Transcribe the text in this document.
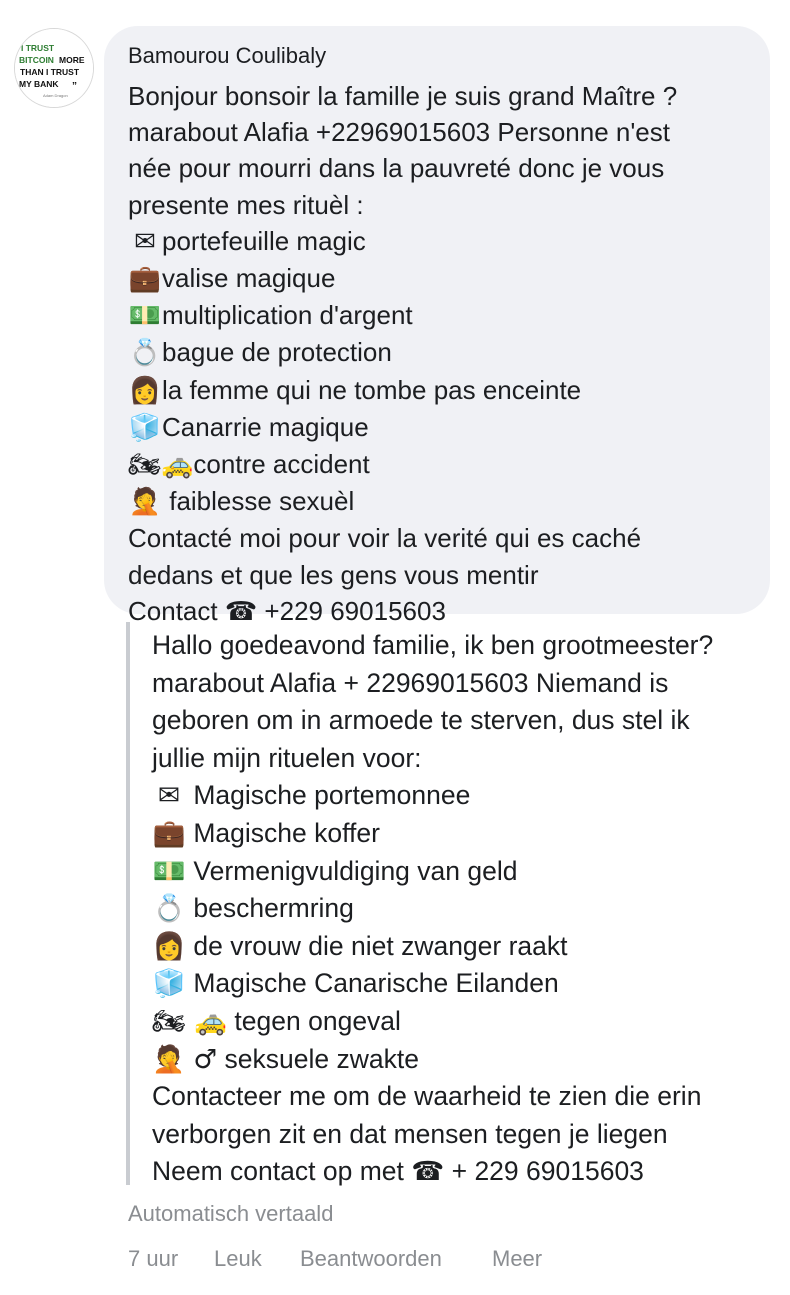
I TRUST
BITCOIN MORE
THAN I TRUST
MY BANK ”
Adam Dragon
Bamourou Coulibaly
Bonjour bonsoir la famille je suis grand Maître ?
marabout Alafia +22969015603 Personne n'est
née pour mourri dans la pauvreté donc je vous
presente mes rituèl :
✉ portefeuille magic
💼valise magique
💵multiplication d'argent
💍bague de protection
👩la femme qui ne tombe pas enceinte
🧊Canarrie magique
🏍🚕contre accident
🤦 faiblesse sexuèl
Contacté moi pour voir la verité qui es caché
dedans et que les gens vous mentir
Contact ☎ +229 69015603
Hallo goedeavond familie, ik ben grootmeester?
marabout Alafia + 22969015603 Niemand is
geboren om in armoede te sterven, dus stel ik
jullie mijn rituelen voor:
✉ Magische portemonnee
💼 Magische koffer
💵 Vermenigvuldiging van geld
💍 beschermring
👩 de vrouw die niet zwanger raakt
🧊 Magische Canarische Eilanden
🏍 🚕 tegen ongeval
🤦 ♂ seksuele zwakte
Contacteer me om de waarheid te zien die erin
verborgen zit en dat mensen tegen je liegen
Neem contact op met ☎ + 229 69015603
Automatisch vertaald
7 uur	Leuk	Beantwoorden	Meer
